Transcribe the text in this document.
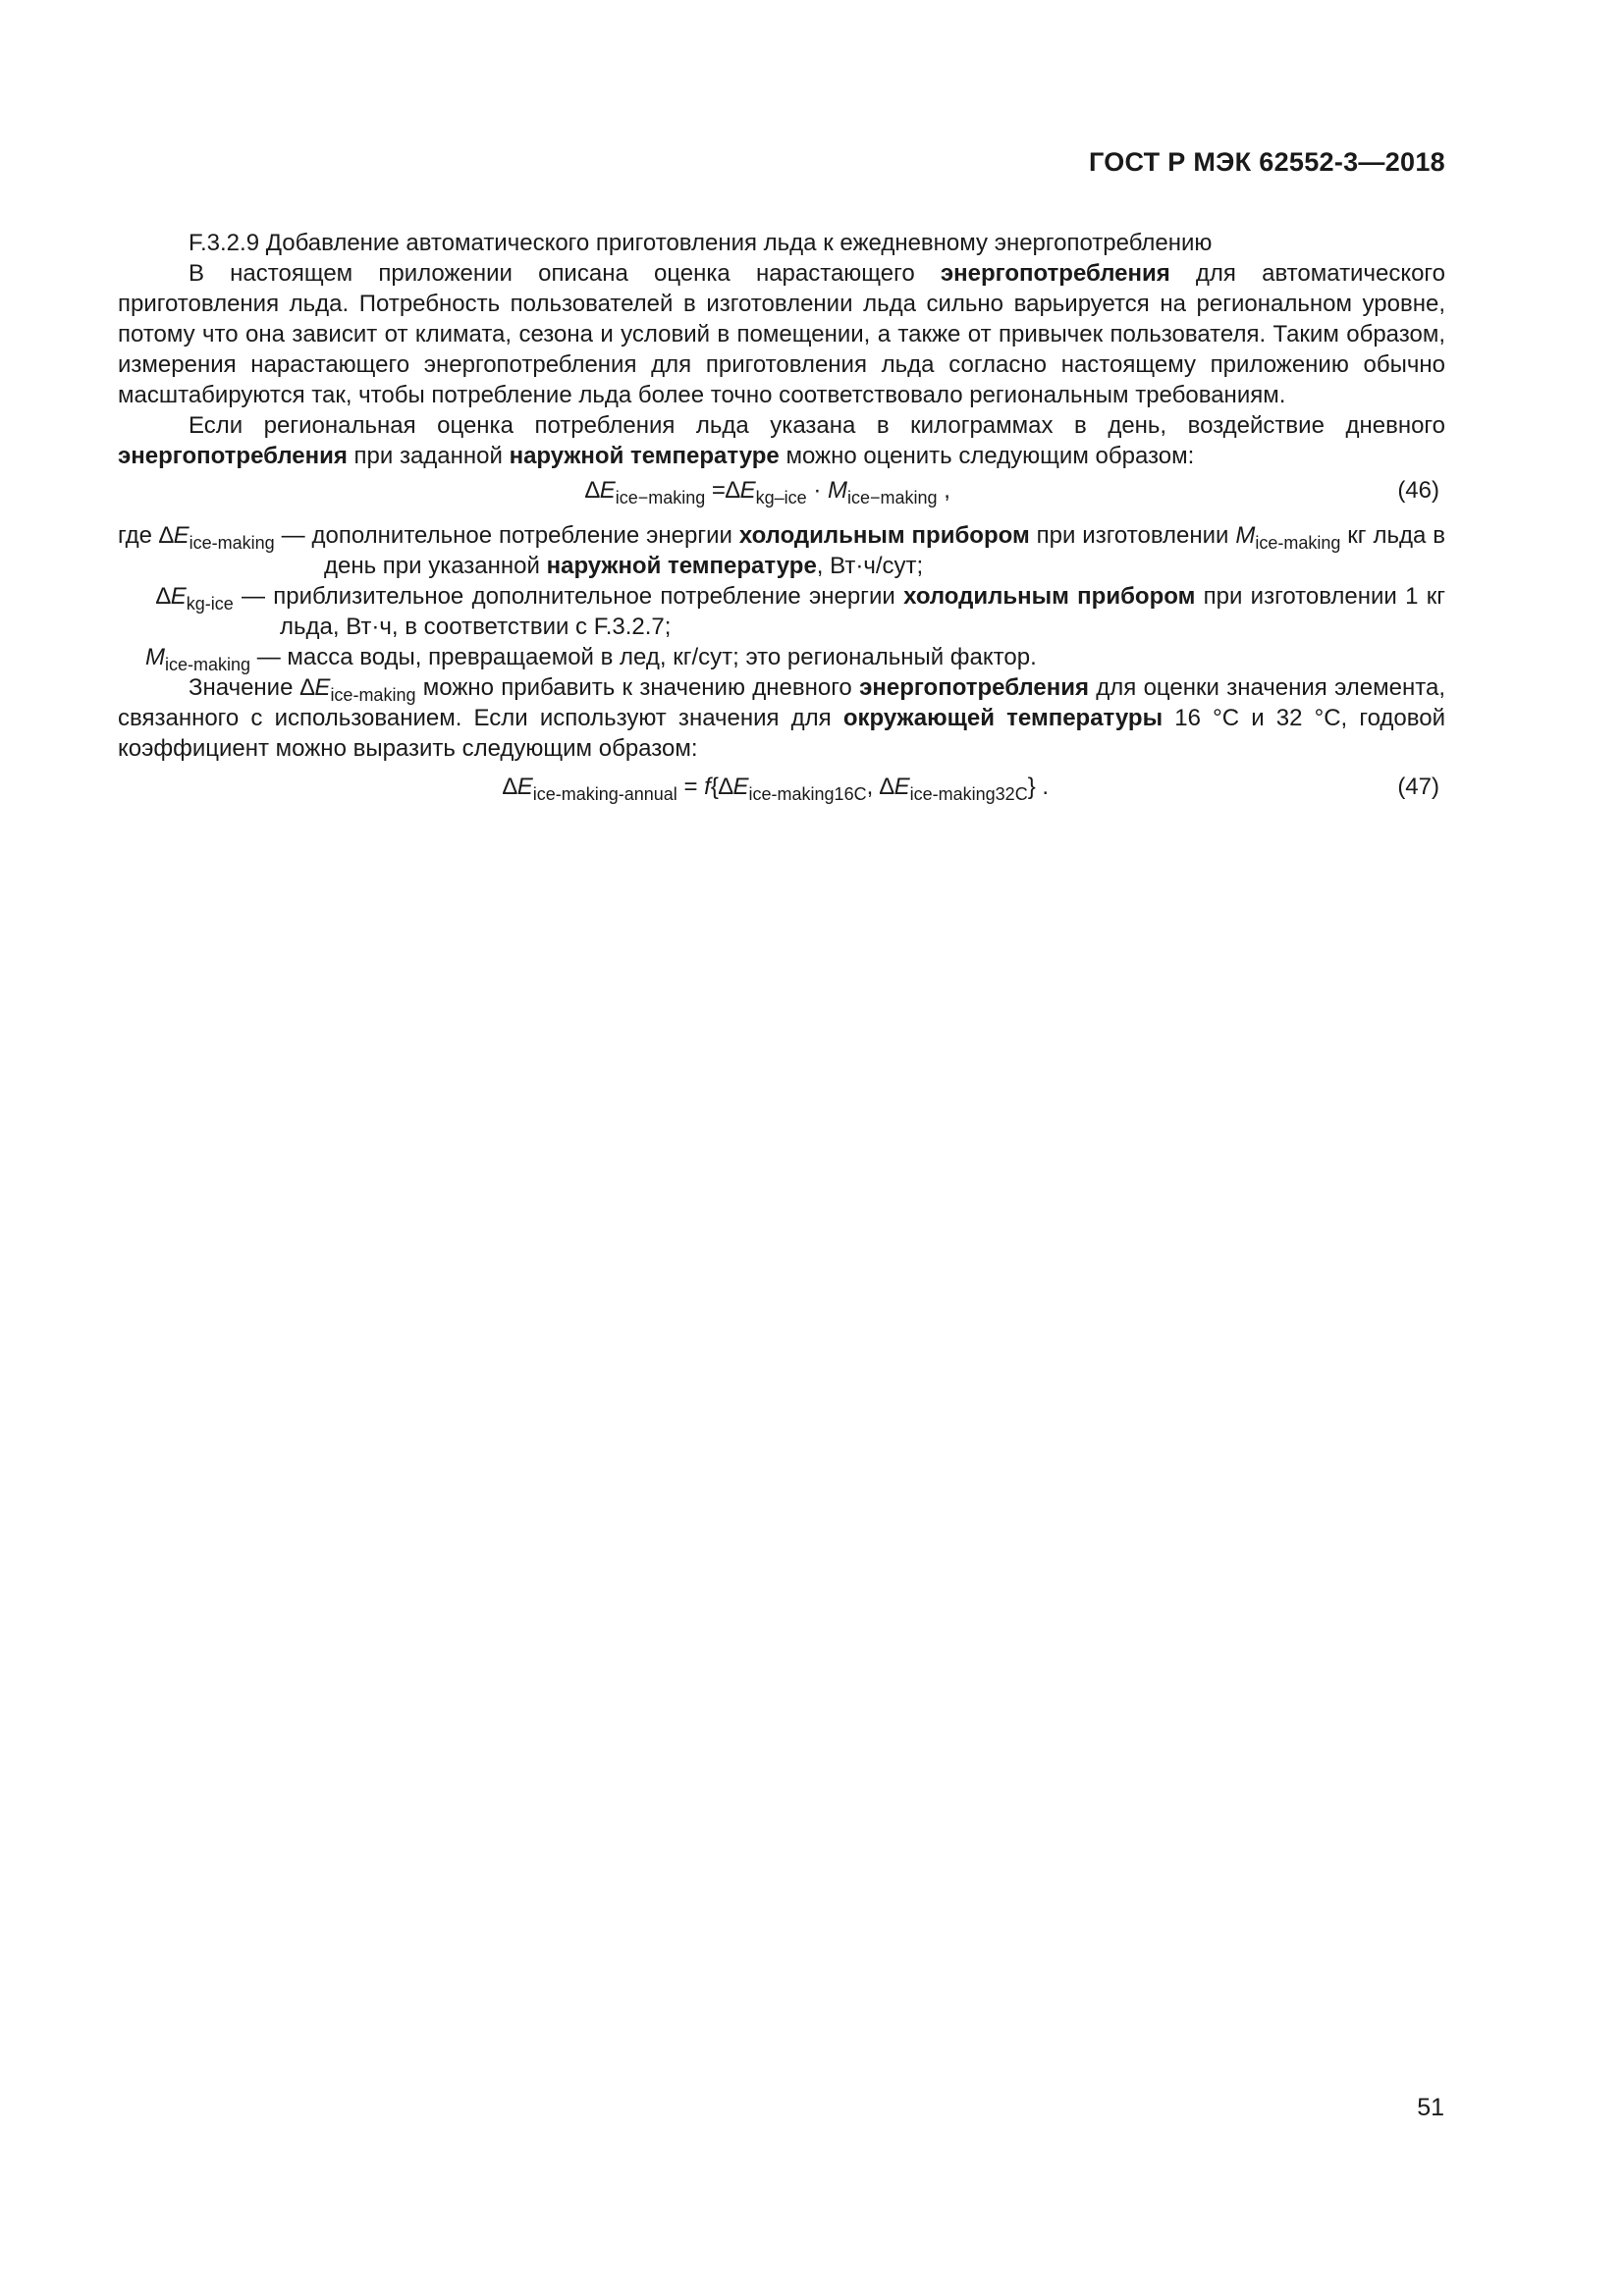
ГОСТ Р МЭК 62552-3—2018

F.3.2.9 Добавление автоматического приготовления льда к ежедневному энергопотреблению

В настоящем приложении описана оценка нарастающего энергопотребления для автоматического приготовления льда. Потребность пользователей в изготовлении льда сильно варьируется на региональном уровне, потому что она зависит от климата, сезона и условий в помещении, а также от привычек пользователя. Таким образом, измерения нарастающего энергопотребления для приготовления льда согласно настоящему приложению обычно масштабируются так, чтобы потребление льда более точно соответствовало региональным требованиям.

Если региональная оценка потребления льда указана в килограммах в день, воздействие дневного энергопотребления при заданной наружной температуре можно оценить следующим образом:

$\Delta E_{ice-making} =\Delta E_{kg-ice} \cdot M_{ice-making}$ ,	(46)

где $\Delta E_{ice-making}$ — дополнительное потребление энергии холодильным прибором при изготовлении $M_{ice-making}$ кг льда в день при указанной наружной температуре, Вт·ч/сут;

$\Delta E_{kg-ice}$ — приблизительное дополнительное потребление энергии холодильным прибором при изготовлении 1 кг льда, Вт·ч, в соответствии с F.3.2.7;

$M_{ice-making}$ — масса воды, превращаемой в лед, кг/сут; это региональный фактор.

Значение $\Delta E_{ice-making}$ можно прибавить к значению дневного энергопотребления для оценки значения элемента, связанного с использованием. Если используют значения для окружающей температуры 16 °C и 32 °C, годовой коэффициент можно выразить следующим образом:

$\Delta E_{ice-making-annual} = f\{\Delta E_{ice-making16C}$, $\Delta E_{ice-making32C}$} .	(47)
51
